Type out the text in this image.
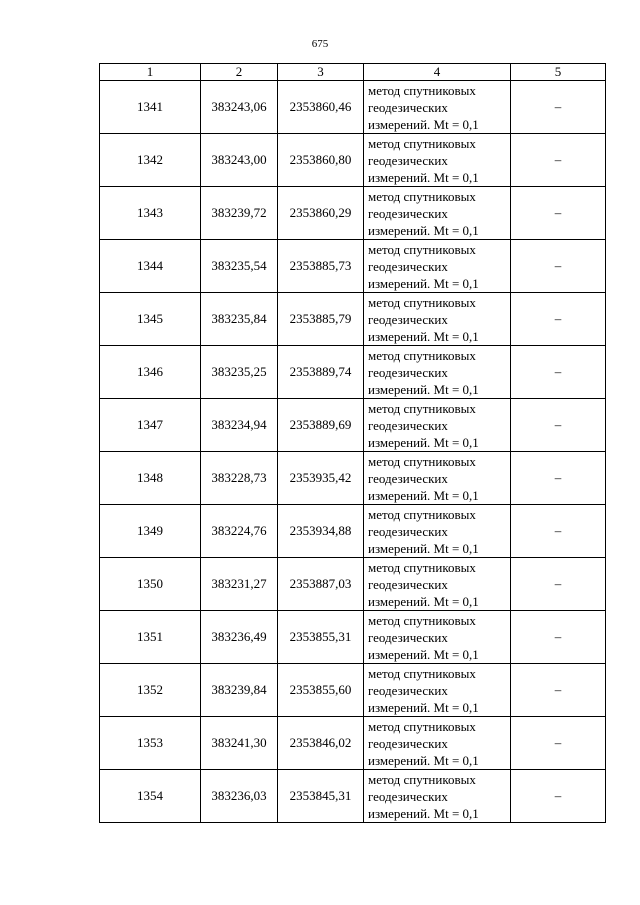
675
1	2	3	4	5
1341	383243,06	2353860,46	метод спутниковых
геодезических
измерений. Mt = 0,1	–
1342	383243,00	2353860,80	метод спутниковых
геодезических
измерений. Mt = 0,1	–
1343	383239,72	2353860,29	метод спутниковых
геодезических
измерений. Mt = 0,1	–
1344	383235,54	2353885,73	метод спутниковых
геодезических
измерений. Mt = 0,1	–
1345	383235,84	2353885,79	метод спутниковых
геодезических
измерений. Mt = 0,1	–
1346	383235,25	2353889,74	метод спутниковых
геодезических
измерений. Mt = 0,1	–
1347	383234,94	2353889,69	метод спутниковых
геодезических
измерений. Mt = 0,1	–
1348	383228,73	2353935,42	метод спутниковых
геодезических
измерений. Mt = 0,1	–
1349	383224,76	2353934,88	метод спутниковых
геодезических
измерений. Mt = 0,1	–
1350	383231,27	2353887,03	метод спутниковых
геодезических
измерений. Mt = 0,1	–
1351	383236,49	2353855,31	метод спутниковых
геодезических
измерений. Mt = 0,1	–
1352	383239,84	2353855,60	метод спутниковых
геодезических
измерений. Mt = 0,1	–
1353	383241,30	2353846,02	метод спутниковых
геодезических
измерений. Mt = 0,1	–
1354	383236,03	2353845,31	метод спутниковых
геодезических
измерений. Mt = 0,1	–
